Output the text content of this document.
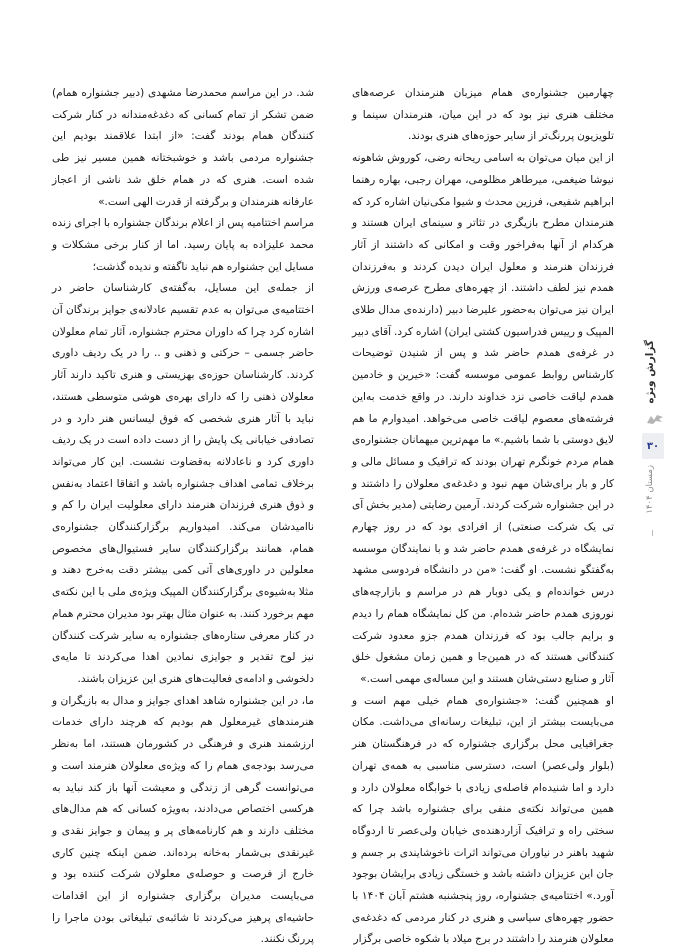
چهارمین جشنواره‌ی همام میزبان هنرمندان عرصه‌های مختلف هنری نیز بود که در این میان، هنرمندان سینما و تلویزیون پررنگ‌تر از سایر حوزه‌های هنری بودند.

از این میان می‌توان به اسامی ریحانه رضی، کوروش شاهونه نیوشا ضیغمی، میرطاهر مظلومی، مهران رجبی، بهاره رهنما ابراهیم شفیعی، فرزین محدث و شیوا مکی‌نیان اشاره کرد که هنرمندان مطرح بازیگری در تئاتر و سینمای ایران هستند و هرکدام از آنها به‌فراخور وقت و امکانی که داشتند از آثار فرزندان هنرمند و معلول ایران دیدن کردند و به‌فرزندان همدم نیز لطف داشتند. از چهره‌های مطرح عرصه‌ی ورزش ایران نیز می‌توان به‌حضور علیرضا دبیر (دارنده‌ی مدال طلای المپیک و رییس فدراسیون کشتی ایران) اشاره کرد. آقای دبیر در غرفه‌ی همدم حاضر شد و پس از شنیدن توضیحات کارشناس روابط عمومی موسسه گفت: «خیرین و خادمین همدم لیاقت خاصی نزد خداوند دارند. در واقع خدمت به‌این فرشته‌های معصوم لیاقت خاصی می‌خواهد. امیدوارم ما هم لایق دوستی با شما باشیم.» ما مهم‌ترین میهمانان جشنواره‌ی همام مردم خونگرم تهران بودند که ترافیک و مسائل مالی و کار و بار برای‌شان مهم نبود و دغدغه‌ی معلولان را داشتند و در این جشنواره شرکت کردند. آرمین رضایتی (مدیر بخش آی تی یک شرکت صنعتی) از افرادی بود که در روز چهارم نمایشگاه در غرفه‌ی همدم حاضر شد و با نمایندگان موسسه به‌گفتگو نشست. او گفت: «من در دانشگاه فردوسی مشهد درس خوانده‌ام و یکی دوبار هم در مراسم و بازارچه‌های نوروزی همدم حاضر شده‌ام. من کل نمایشگاه همام را دیدم و برایم جالب بود که فرزندان همدم جزو معدود شرکت کنندگانی هستند که در همین‌جا و همین زمان مشغول خلق آثار و صنایع دستی‌شان هستند و این مساله‌ی مهمی است.»

او همچنین گفت: «جشنواره‌ی همام خیلی مهم است و می‌بایست بیشتر از این، تبلیغات رسانه‌ای می‌داشت. مکان جغرافیایی محل برگزاری جشنواره که در فرهنگستان هنر (بلوار ولی‌عصر) است، دسترسی مناسبی به همه‌ی تهران دارد و اما شنیده‌ام فاصله‌ی زیادی با خوابگاه معلولان دارد و همین می‌تواند نکته‌ی منفی برای جشنواره باشد چرا که سختی راه و ترافیک آزاردهنده‌ی خیابان ولی‌عصر تا اردوگاه شهید باهنر در نیاوران می‌تواند اثرات ناخوشایندی بر جسم و جان این عزیزان داشته باشد و خستگی زیادی برایشان بوجود آورد.» اختتامیه‌ی جشنواره، روز پنجشنبه هشتم آبان ۱۴۰۴ با حضور چهره‌های سیاسی و هنری در کنار مردمی که دغدغه‌ی معلولان هنرمند را داشتند در برج میلاد با شکوه خاصی برگزار

شد. در این مراسم محمدرضا مشهدی (دبیر جشنواره همام) ضمن تشکر از تمام کسانی که دغدغه‌مندانه در کنار شرکت کنندگان همام بودند گفت: «از ابتدا علاقمند بودیم این جشنواره مردمی باشد و خوشبختانه همین مسیر نیز طی شده است. هنری که در همام خلق شد ناشی از اعجاز عارفانه هنرمندان و برگرفته از قدرت الهی است.»

مراسم اختتامیه پس از اعلام برندگان جشنواره با اجرای زنده محمد علیزاده به پایان رسید. اما از کنار برخی مشکلات و مسایل این جشنواره هم نباید ناگفته و ندیده گذشت؛

از جمله‌ی این مسایل، به‌گفته‌ی کارشناسان حاضر در اختتامیه‌ی می‌توان به عدم تقسیم عادلانه‌ی جوایز برندگان آن اشاره کرد چرا که داوران محترم جشنواره، آثار تمام معلولان حاضر جسمی – حرکتی و ذهنی و .. را در یک ردیف داوری کردند. کارشناسان حوزه‌ی بهزیستی و هنری تاکید دارند آثار معلولان ذهنی را که دارای بهره‌ی هوشی متوسطی هستند، نباید با آثار هنری شخصی که فوق لیسانس هنر دارد و در تصادفی خیابانی یک پایش را از دست داده است در یک ردیف داوری کرد و ناعادلانه به‌قضاوت نشست. این کار می‌تواند برخلاف تمامی اهداف جشنواره باشد و اتفاقا اعتماد به‌نفس و ذوق هنری فرزندان هنرمند دارای معلولیت ایران را کم و ناامیدشان می‌کند. امیدواریم برگزارکنندگان جشنواره‌ی همام، همانند برگزارکنندگان سایر فستیوال‌های مخصوص معلولین در داوری‌های آتی کمی بیشتر دقت به‌خرج دهند و مثلا به‌شیوه‌ی برگزارکنندگان المپیک ویژه‌ی ملی با این نکته‌ی مهم برخورد کنند. به عنوان مثال بهتر بود مدیران محترم همام در کنار معرفی ستاره‌های جشنواره به سایر شرکت کنندگان نیز لوح تقدیر و جوایزی نمادین اهدا می‌کردند تا مایه‌ی دلخوشی و ادامه‌ی فعالیت‌های هنری این عزیزان باشند.

ما، در این جشنواره شاهد اهدای جوایز و مدال به بازیگران و هنرمندهای غیرمعلول هم بودیم که هرچند دارای خدمات ارزشمند هنری و فرهنگی در کشورمان هستند، اما به‌نظر می‌رسد بودجه‌ی همام را که ویژه‌ی معلولان هنرمند است و می‌توانست گرهی از زندگی و معیشت آنها باز کند نباید به هرکسی اختصاص می‌دادند، به‌ویژه کسانی که هم مدال‌های مختلف دارند و هم کارنامه‌های پر و پیمان و جوایز نقدی و غیرنقدی بی‌شمار به‌خانه برده‌اند. ضمن اینکه چنین کاری خارج از فرصت و حوصله‌ی معلولان شرکت کننده بود و می‌بایست مدیران برگزاری جشنواره از این اقدامات حاشیه‌ای پرهیز می‌کردند تا شائبه‌ی تبلیغاتی بودن ماجرا را پررنگ نکنند.

گزارش ویژه
۳۰
زمستان ۱۴۰۴
